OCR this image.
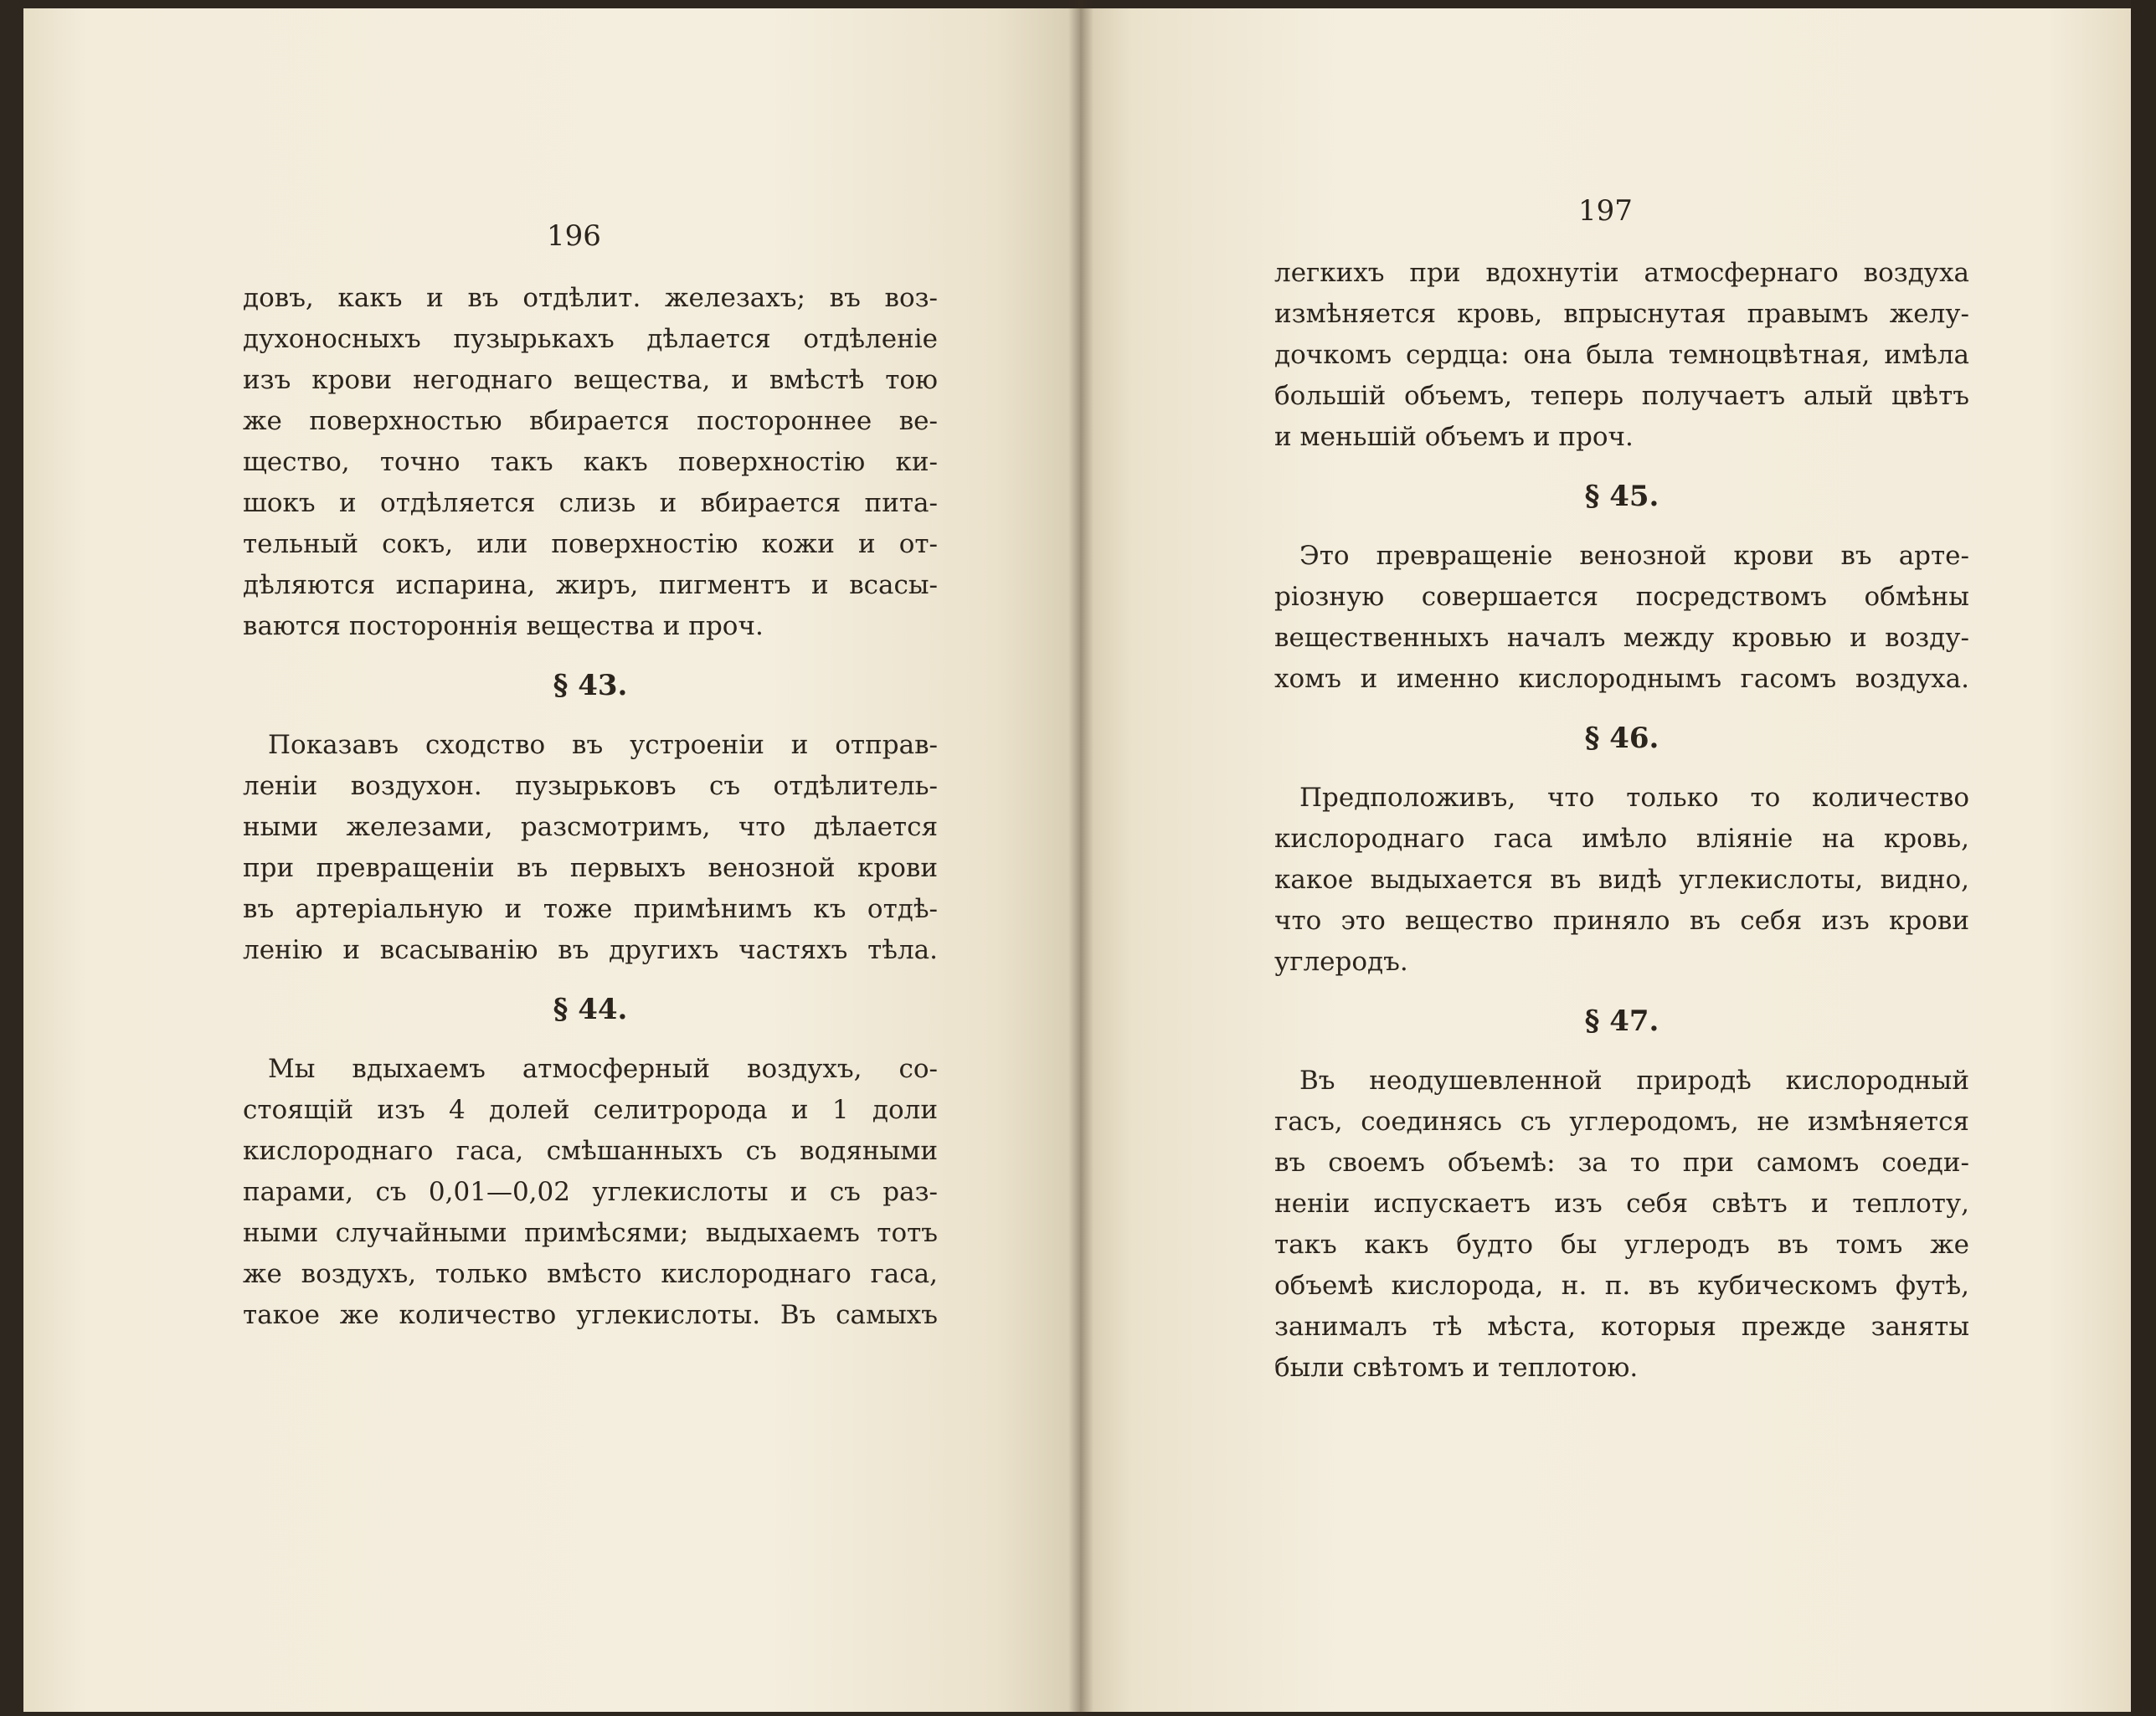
196
довъ, какъ и въ отдѣлит. железахъ; въ воз-
духоносныхъ пузырькахъ дѣлается отдѣленіе
изъ крови негоднаго вещества, и вмѣстѣ тою
же поверхностью вбирается постороннее ве-
щество, точно такъ какъ поверхностію ки-
шокъ и отдѣляется слизь и вбирается пита-
тельный сокъ, или поверхностію кожи и от-
дѣляются испарина, жиръ, пигментъ и всасы-
ваются постороннія вещества и проч.
§ 43.
Показавъ сходство въ устроеніи и отправ-
леніи воздухон. пузырьковъ съ отдѣлитель-
ными железами, разсмотримъ, что дѣлается
при превращеніи въ первыхъ венозной крови
въ артеріальную и тоже примѣнимъ къ отдѣ-
ленію и всасыванію въ другихъ частяхъ тѣла.
§ 44.
Мы вдыхаемъ атмосферный воздухъ, со-
стоящій изъ 4 долей селитророда и 1 доли
кислороднаго гаса, смѣшанныхъ съ водяными
парами, съ 0,01—0,02 углекислоты и съ раз-
ными случайными примѣсями; выдыхаемъ тотъ
же воздухъ, только вмѣсто кислороднаго гаса,
такое же количество углекислоты. Въ самыхъ
197
легкихъ при вдохнутіи атмосфернаго воздуха
измѣняется кровь, впрыснутая правымъ желу-
дочкомъ сердца: она была темноцвѣтная, имѣла
большій объемъ, теперь получаетъ алый цвѣтъ
и меньшій объемъ и проч.
§ 45.
Это превращеніе венозной крови въ арте-
ріозную совершается посредствомъ обмѣны
вещественныхъ началъ между кровью и возду-
хомъ и именно кислороднымъ гасомъ воздуха.
§ 46.
Предположивъ, что только то количество
кислороднаго гаса имѣло вліяніе на кровь,
какое выдыхается въ видѣ углекислоты, видно,
что это вещество приняло въ себя изъ крови
углеродъ.
§ 47.
Въ неодушевленной природѣ кислородный
гасъ, соединясь съ углеродомъ, не измѣняется
въ своемъ объемѣ: за то при самомъ соеди-
неніи испускаетъ изъ себя свѣтъ и теплоту,
такъ какъ будто бы углеродъ въ томъ же
объемѣ кислорода, н. п. въ кубическомъ футѣ,
занималъ тѣ мѣста, которыя прежде заняты
были свѣтомъ и теплотою.
